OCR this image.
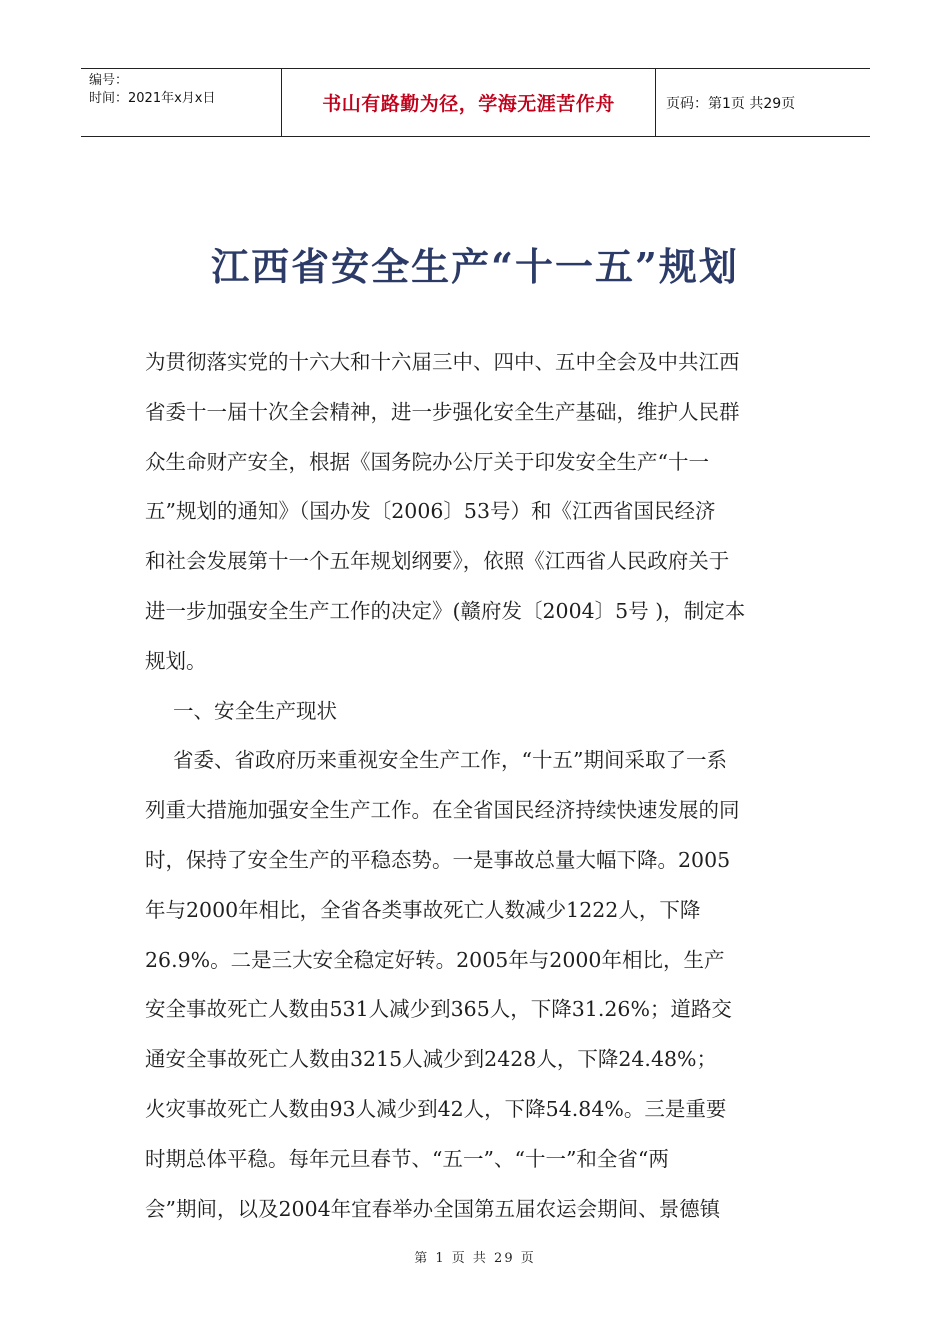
编号：
时间：2021年x月x日	书山有路勤为径，学海无涯苦作舟	页码：第1页 共29页
江西省安全生产“十一五”规划
为贯彻落实党的十六大和十六届三中、四中、五中全会及中共江西
省委十一届十次全会精神，进一步强化安全生产基础，维护人民群
众生命财产安全，根据《国务院办公厅关于印发安全生产“十一
五”规划的通知》（国办发〔2006〕53号）和《江西省国民经济
和社会发展第十一个五年规划纲要》，依照《江西省人民政府关于
进一步加强安全生产工作的决定》(赣府发〔2004〕5号 )，制定本
规划。
一、安全生产现状
省委、省政府历来重视安全生产工作，“十五”期间采取了一系
列重大措施加强安全生产工作。在全省国民经济持续快速发展的同
时，保持了安全生产的平稳态势。一是事故总量大幅下降。2005
年与2000年相比，全省各类事故死亡人数减少1222人，下降
26.9%。二是三大安全稳定好转。2005年与2000年相比，生产
安全事故死亡人数由531人减少到365人，下降31.26%；道路交
通安全事故死亡人数由3215人减少到2428人，下降24.48%；
火灾事故死亡人数由93人减少到42人，下降54.84%。三是重要
时期总体平稳。每年元旦春节、“五一”、“十一”和全省“两
会”期间，以及2004年宜春举办全国第五届农运会期间、景德镇
第 1 页 共 29 页
